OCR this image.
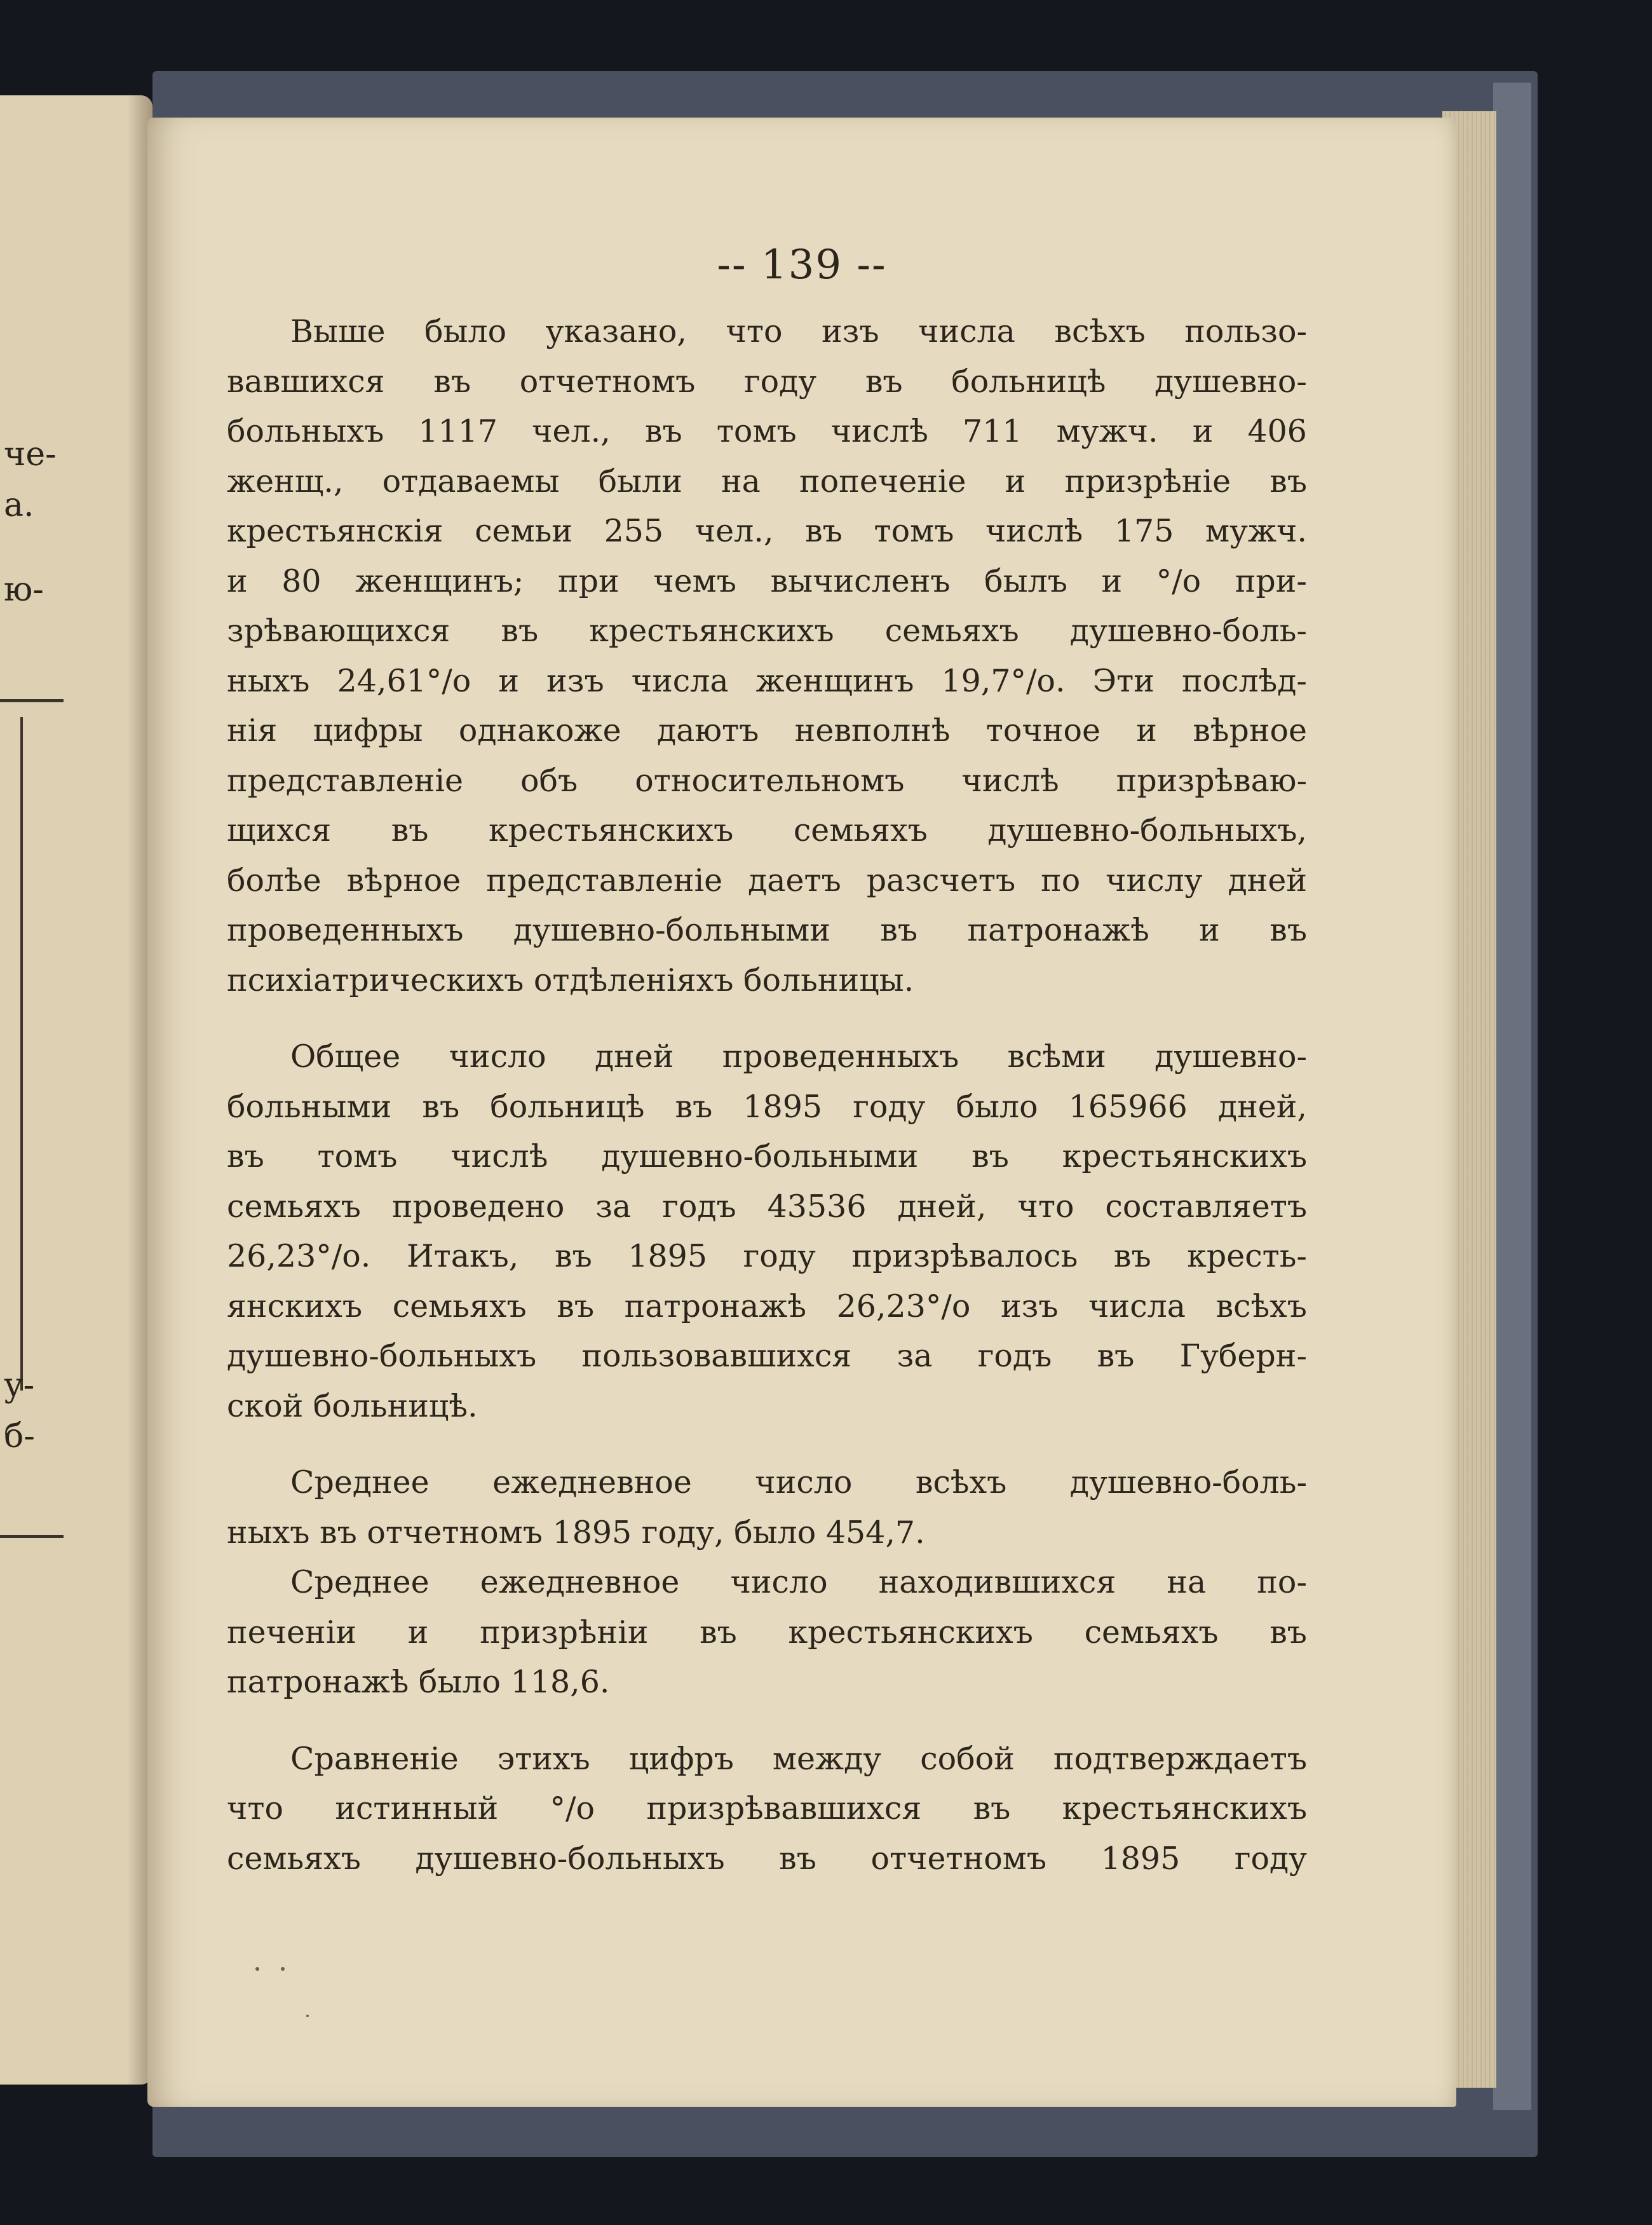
че-
а.
ю-
у-
б-
-- 139 --
Выше было указано, что изъ числа всѣхъ пользо-
вавшихся въ отчетномъ году въ больницѣ душевно-
больныхъ 1117 чел., въ томъ числѣ 711 мужч. и 406
женщ., отдаваемы были на попеченіе и призрѣніе въ
крестьянскія семьи 255 чел., въ томъ числѣ 175 мужч.
и 80 женщинъ; при чемъ вычисленъ былъ и °/о при-
зрѣвающихся въ крестьянскихъ семьяхъ душевно-боль-
ныхъ 24,61°/о и изъ числа женщинъ 19,7°/о. Эти послѣд-
нія цифры однакоже даютъ невполнѣ точное и вѣрное
представленіе объ относительномъ числѣ призрѣваю-
щихся въ крестьянскихъ семьяхъ душевно-больныхъ,
болѣе вѣрное представленіе даетъ разсчетъ по числу дней
проведенныхъ душевно-больными въ патронажѣ и въ
психіатрическихъ отдѣленіяхъ больницы.
Общее число дней проведенныхъ всѣми душевно-
больными въ больницѣ въ 1895 году было 165966 дней,
въ томъ числѣ душевно-больными въ крестьянскихъ
семьяхъ проведено за годъ 43536 дней, что составляетъ
26,23°/о. Итакъ, въ 1895 году призрѣвалось въ кресть-
янскихъ семьяхъ въ патронажѣ 26,23°/о изъ числа всѣхъ
душевно-больныхъ пользовавшихся за годъ въ Губерн-
ской больницѣ.
Среднее ежедневное число всѣхъ душевно-боль-
ныхъ въ отчетномъ 1895 году, было 454,7.
Среднее ежедневное число находившихся на по-
печеніи и призрѣніи въ крестьянскихъ семьяхъ въ
патронажѣ было 118,6.
Сравненіе этихъ цифръ между собой подтверждаетъ
что истинный °/о призрѣвавшихся въ крестьянскихъ
семьяхъ душевно-больныхъ въ отчетномъ 1895 году
